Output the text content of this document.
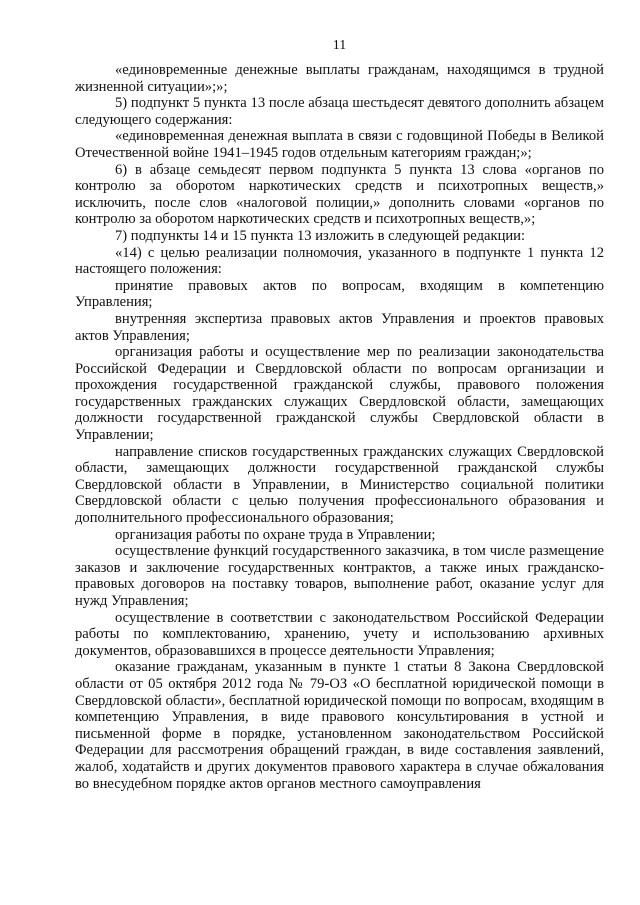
11

«единовременные денежные выплаты гражданам, находящимся в трудной жизненной ситуации»;»;

5) подпункт 5 пункта 13 после абзаца шестьдесят девятого дополнить абзацем следующего содержания:

«единовременная денежная выплата в связи с годовщиной Победы в Великой Отечественной войне 1941–1945 годов отдельным категориям граждан;»;

6) в абзаце семьдесят первом подпункта 5 пункта 13 слова «органов по контролю за оборотом наркотических средств и психотропных веществ,» исключить, после слов «налоговой полиции,» дополнить словами «органов по контролю за оборотом наркотических средств и психотропных веществ,»;

7) подпункты 14 и 15 пункта 13 изложить в следующей редакции:

«14) с целью реализации полномочия, указанного в подпункте 1 пункта 12 настоящего положения:

принятие правовых актов по вопросам, входящим в компетенцию Управления;

внутренняя экспертиза правовых актов Управления и проектов правовых актов Управления;

организация работы и осуществление мер по реализации законодательства Российской Федерации и Свердловской области по вопросам организации и прохождения государственной гражданской службы, правового положения государственных гражданских служащих Свердловской области, замещающих должности государственной гражданской службы Свердловской области в Управлении;

направление списков государственных гражданских служащих Свердловской области, замещающих должности государственной гражданской службы Свердловской области в Управлении, в Министерство социальной политики Свердловской области с целью получения профессионального образования и дополнительного профессионального образования;

организация работы по охране труда в Управлении;

осуществление функций государственного заказчика, в том числе размещение заказов и заключение государственных контрактов, а также иных гражданско-правовых договоров на поставку товаров, выполнение работ, оказание услуг для нужд Управления;

осуществление в соответствии с законодательством Российской Федерации работы по комплектованию, хранению, учету и использованию архивных документов, образовавшихся в процессе деятельности Управления;

оказание гражданам, указанным в пункте 1 статьи 8 Закона Свердловской области от 05 октября 2012 года № 79-ОЗ «О бесплатной юридической помощи в Свердловской области», бесплатной юридической помощи по вопросам, входящим в компетенцию Управления, в виде правового консультирования в устной и письменной форме в порядке, установленном законодательством Российской Федерации для рассмотрения обращений граждан, в виде составления заявлений, жалоб, ходатайств и других документов правового характера в случае обжалования во внесудебном порядке актов органов местного самоуправления
